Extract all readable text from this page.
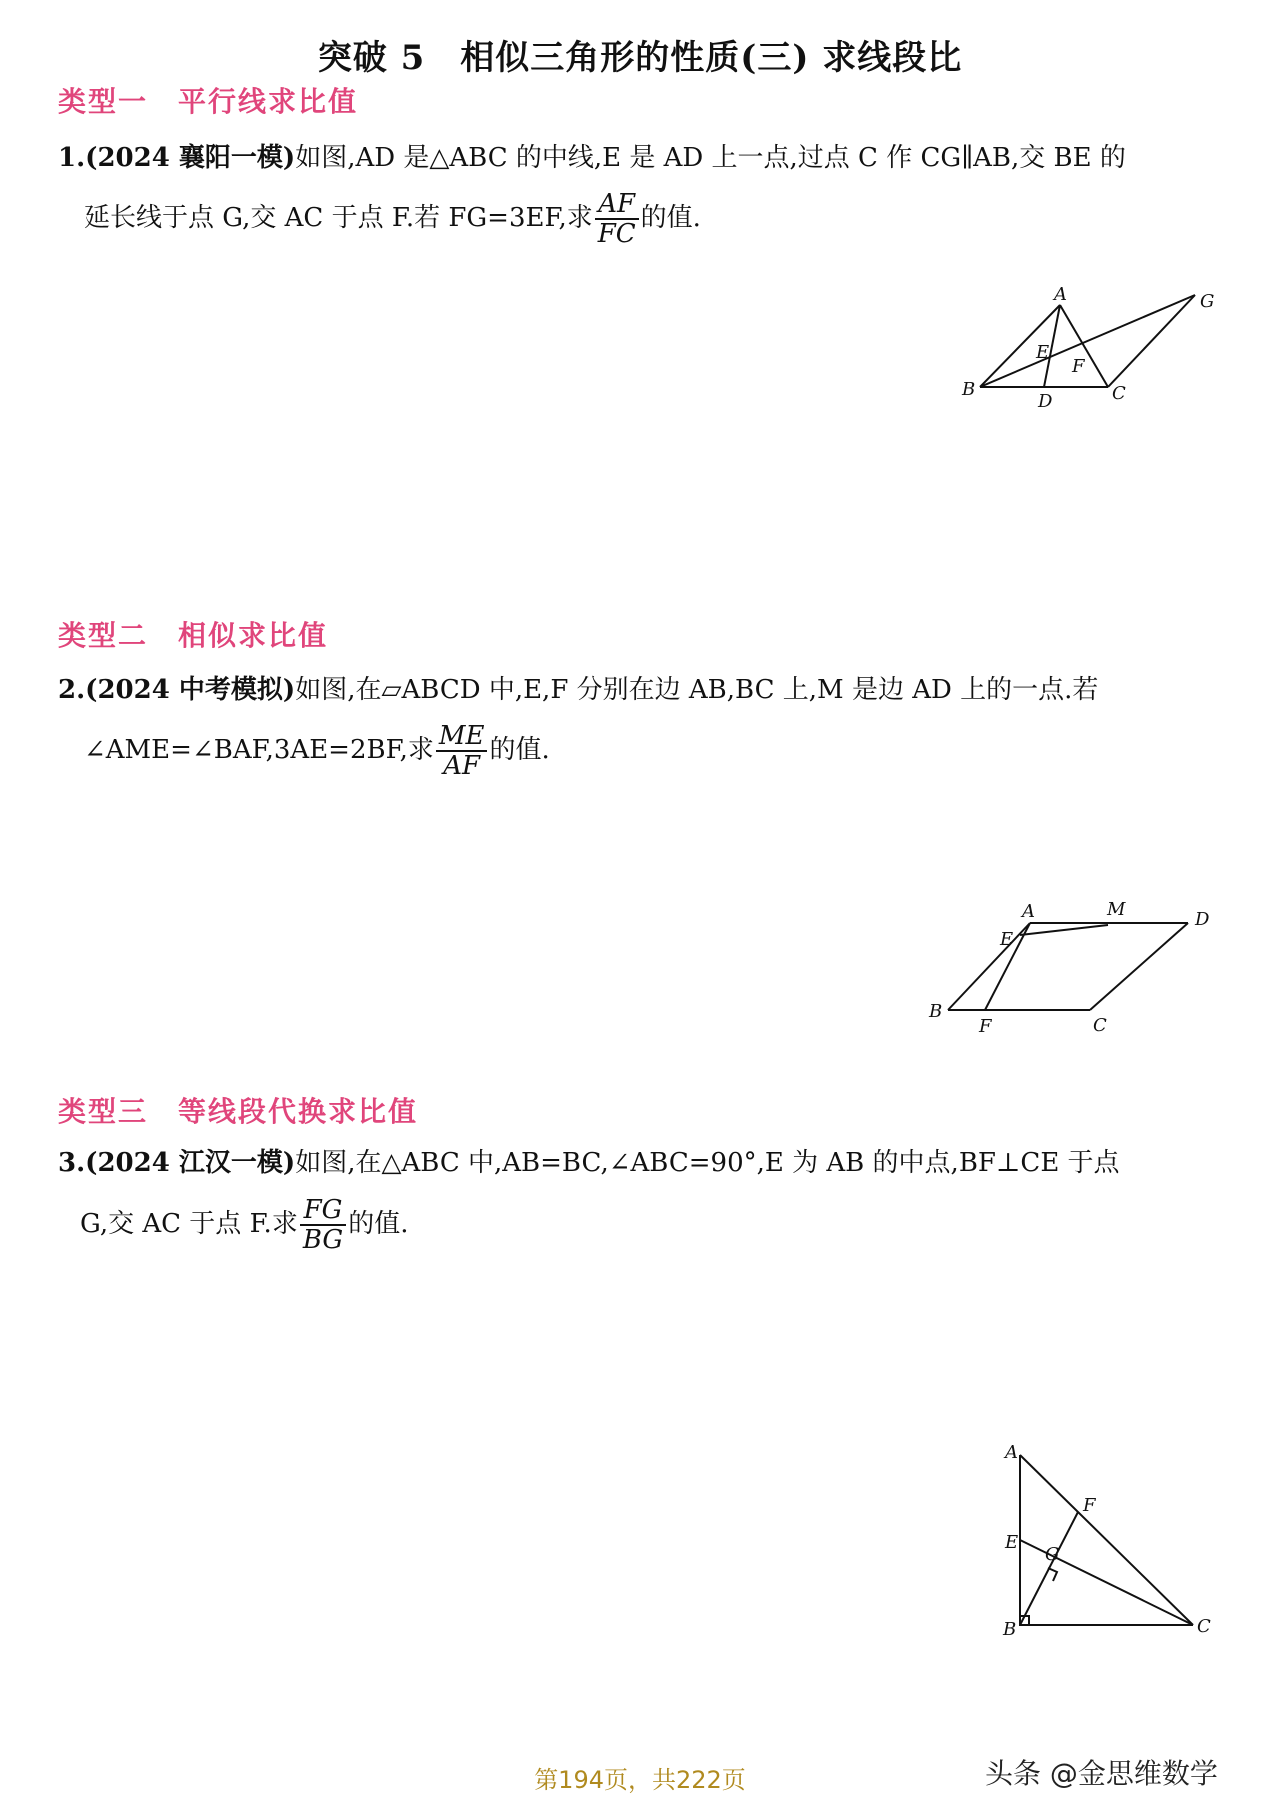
突破 5　相似三角形的性质(三) 求线段比
类型一 平行线求比值
1.(2024 襄阳一模)如图,AD 是△ABC 的中线,E 是 AD 上一点,过点 C 作 CG∥AB,交 BE 的
延长线于点 G,交 AC 于点 F.若 FG=3EF,求 $\frac{AF}{FC}$ 的值.
A
B	C
D
E
F
G
类型二 相似求比值
2.(2024 中考模拟)如图,在▱ABCD 中,E,F 分别在边 AB,BC 上,M 是边 AD 上的一点.若
∠AME=∠BAF,3AE=2BF,求 $\frac{ME}{AF}$ 的值.
A
B
C
D
E
F
M
类型三 等线段代换求比值
3.(2024 江汉一模)如图,在△ABC 中,AB=BC,∠ABC=90°,E 为 AB 的中点,BF⊥CE 于点
G,交 AC 于点 F.求 $\frac{FG}{BG}$ 的值.
A
B	C
E
F
G
第194页，共222页	头条 @金思维数学
